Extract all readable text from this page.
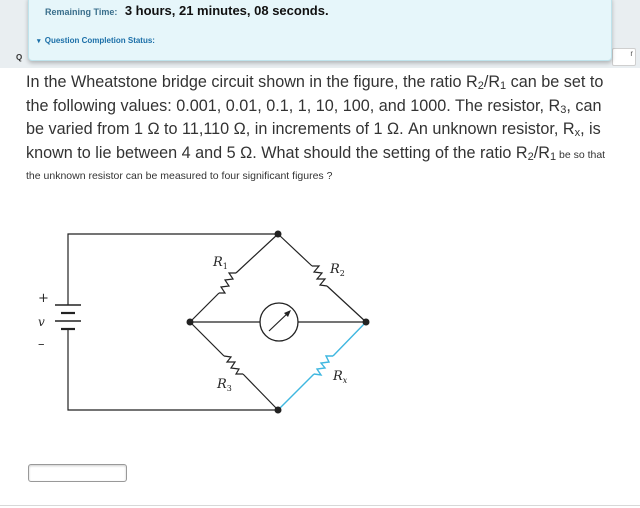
Q	r
Remaining Time: 3 hours, 21 minutes, 08 seconds.
▾ Question Completion Status:
In the Wheatstone bridge circuit shown in the figure, the ratio $R_2/R_1$ can be set to the following values: 0.001, 0.01, 0.1, 1, 10, 100, and 1000. The resistor, $R_3$, can be varied from 1 Ω to 11,110 Ω, in increments of 1 Ω. An unknown resistor, $R_x$, is known to lie between 4 and 5 Ω. What should the setting of the ratio $R_2/R_1$ be so that
the unknown resistor can be measured to four significant figures ?
+
v
–
$R_1$	$R_2$
$R_3$
$R_x$
